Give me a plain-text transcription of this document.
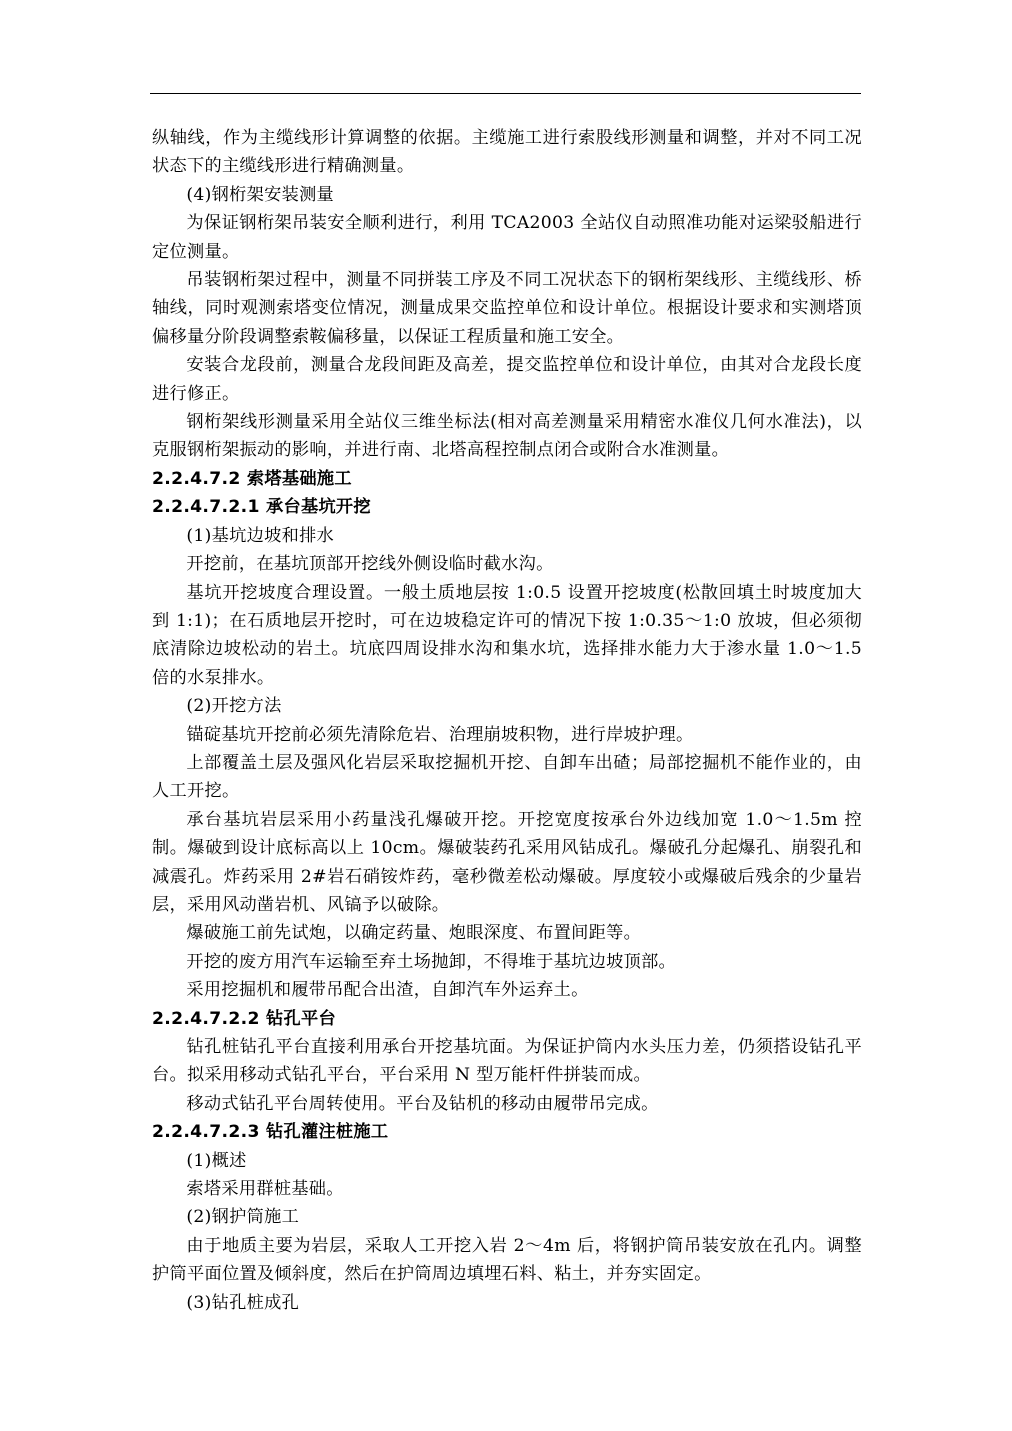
纵轴线，作为主缆线形计算调整的依据。主缆施工进行索股线形测量和调整，并对不同工况状态下的主缆线形进行精确测量。

(4)钢桁架安装测量

为保证钢桁架吊装安全顺利进行，利用 TCA2003 全站仪自动照准功能对运梁驳船进行定位测量。

吊装钢桁架过程中，测量不同拼装工序及不同工况状态下的钢桁架线形、主缆线形、桥轴线，同时观测索塔变位情况，测量成果交监控单位和设计单位。根据设计要求和实测塔顶偏移量分阶段调整索鞍偏移量，以保证工程质量和施工安全。

安装合龙段前，测量合龙段间距及高差，提交监控单位和设计单位，由其对合龙段长度进行修正。

钢桁架线形测量采用全站仪三维坐标法(相对高差测量采用精密水准仪几何水准法)，以克服钢桁架振动的影响，并进行南、北塔高程控制点闭合或附合水准测量。

2.2.4.7.2 索塔基础施工

2.2.4.7.2.1 承台基坑开挖

(1)基坑边坡和排水

开挖前，在基坑顶部开挖线外侧设临时截水沟。

基坑开挖坡度合理设置。一般土质地层按 1:0.5 设置开挖坡度(松散回填土时坡度加大到 1:1)；在石质地层开挖时，可在边坡稳定许可的情况下按 1:0.35～1:0 放坡，但必须彻底清除边坡松动的岩土。坑底四周设排水沟和集水坑，选择排水能力大于渗水量 1.0～1.5 倍的水泵排水。

(2)开挖方法

锚碇基坑开挖前必须先清除危岩、治理崩坡积物，进行岸坡护理。

上部覆盖土层及强风化岩层采取挖掘机开挖、自卸车出碴；局部挖掘机不能作业的，由人工开挖。

承台基坑岩层采用小药量浅孔爆破开挖。开挖宽度按承台外边线加宽 1.0～1.5m 控制。爆破到设计底标高以上 10cm。爆破装药孔采用风钻成孔。爆破孔分起爆孔、崩裂孔和减震孔。炸药采用 2#岩石硝铵炸药，毫秒微差松动爆破。厚度较小或爆破后残余的少量岩层，采用风动凿岩机、风镐予以破除。

爆破施工前先试炮，以确定药量、炮眼深度、布置间距等。

开挖的废方用汽车运输至弃土场抛卸，不得堆于基坑边坡顶部。

采用挖掘机和履带吊配合出渣，自卸汽车外运弃土。

2.2.4.7.2.2 钻孔平台

钻孔桩钻孔平台直接利用承台开挖基坑面。为保证护筒内水头压力差，仍须搭设钻孔平台。拟采用移动式钻孔平台，平台采用 N 型万能杆件拼装而成。

移动式钻孔平台周转使用。平台及钻机的移动由履带吊完成。

2.2.4.7.2.3 钻孔灌注桩施工

(1)概述

索塔采用群桩基础。

(2)钢护筒施工

由于地质主要为岩层，采取人工开挖入岩 2～4m 后，将钢护筒吊装安放在孔内。调整护筒平面位置及倾斜度，然后在护筒周边填埋石料、粘土，并夯实固定。

(3)钻孔桩成孔
